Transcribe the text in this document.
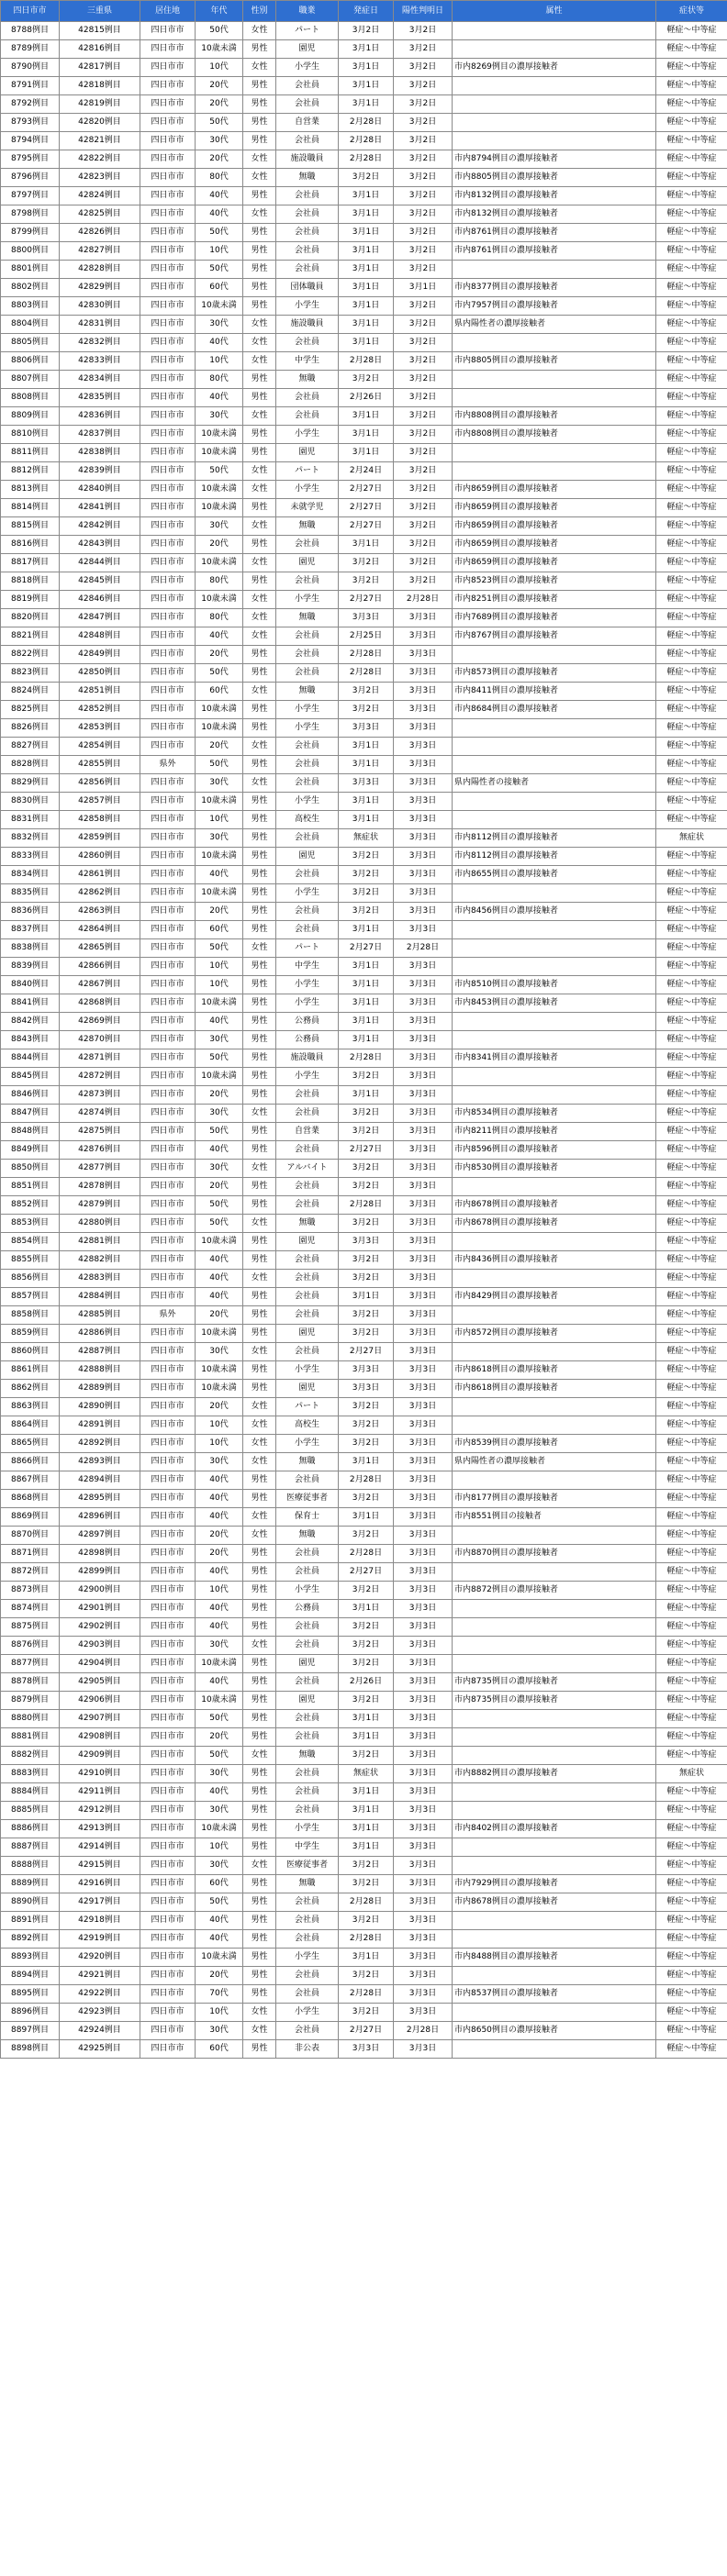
四日市市	三重県	居住地	年代	性別	職業	発症日	陽性判明日	属性	症状等
8788例目	42815例目	四日市市	50代	女性	パート	3月2日	3月2日		軽症～中等症
8789例目	42816例目	四日市市	10歳未満	男性	園児	3月1日	3月2日		軽症～中等症
8790例目	42817例目	四日市市	10代	女性	小学生	3月1日	3月2日	市内8269例目の濃厚接触者	軽症～中等症
8791例目	42818例目	四日市市	20代	男性	会社員	3月1日	3月2日		軽症～中等症
8792例目	42819例目	四日市市	20代	男性	会社員	3月1日	3月2日		軽症～中等症
8793例目	42820例目	四日市市	50代	男性	自営業	2月28日	3月2日		軽症～中等症
8794例目	42821例目	四日市市	30代	男性	会社員	2月28日	3月2日		軽症～中等症
8795例目	42822例目	四日市市	20代	女性	施設職員	2月28日	3月2日	市内8794例目の濃厚接触者	軽症～中等症
8796例目	42823例目	四日市市	80代	女性	無職	3月2日	3月2日	市内8805例目の濃厚接触者	軽症～中等症
8797例目	42824例目	四日市市	40代	男性	会社員	3月1日	3月2日	市内8132例目の濃厚接触者	軽症～中等症
8798例目	42825例目	四日市市	40代	女性	会社員	3月1日	3月2日	市内8132例目の濃厚接触者	軽症～中等症
8799例目	42826例目	四日市市	50代	男性	会社員	3月1日	3月2日	市内8761例目の濃厚接触者	軽症～中等症
8800例目	42827例目	四日市市	10代	男性	会社員	3月1日	3月2日	市内8761例目の濃厚接触者	軽症～中等症
8801例目	42828例目	四日市市	50代	男性	会社員	3月1日	3月2日		軽症～中等症
8802例目	42829例目	四日市市	60代	男性	団体職員	3月1日	3月1日	市内8377例目の濃厚接触者	軽症～中等症
8803例目	42830例目	四日市市	10歳未満	男性	小学生	3月1日	3月2日	市内7957例目の濃厚接触者	軽症～中等症
8804例目	42831例目	四日市市	30代	女性	施設職員	3月1日	3月2日	県内陽性者の濃厚接触者	軽症～中等症
8805例目	42832例目	四日市市	40代	女性	会社員	3月1日	3月2日		軽症～中等症
8806例目	42833例目	四日市市	10代	女性	中学生	2月28日	3月2日	市内8805例目の濃厚接触者	軽症～中等症
8807例目	42834例目	四日市市	80代	男性	無職	3月2日	3月2日		軽症～中等症
8808例目	42835例目	四日市市	40代	男性	会社員	2月26日	3月2日		軽症～中等症
8809例目	42836例目	四日市市	30代	女性	会社員	3月1日	3月2日	市内8808例目の濃厚接触者	軽症～中等症
8810例目	42837例目	四日市市	10歳未満	男性	小学生	3月1日	3月2日	市内8808例目の濃厚接触者	軽症～中等症
8811例目	42838例目	四日市市	10歳未満	男性	園児	3月1日	3月2日		軽症～中等症
8812例目	42839例目	四日市市	50代	女性	パート	2月24日	3月2日		軽症～中等症
8813例目	42840例目	四日市市	10歳未満	女性	小学生	2月27日	3月2日	市内8659例目の濃厚接触者	軽症～中等症
8814例目	42841例目	四日市市	10歳未満	男性	未就学児	2月27日	3月2日	市内8659例目の濃厚接触者	軽症～中等症
8815例目	42842例目	四日市市	30代	女性	無職	2月27日	3月2日	市内8659例目の濃厚接触者	軽症～中等症
8816例目	42843例目	四日市市	20代	男性	会社員	3月1日	3月2日	市内8659例目の濃厚接触者	軽症～中等症
8817例目	42844例目	四日市市	10歳未満	女性	園児	3月2日	3月2日	市内8659例目の濃厚接触者	軽症～中等症
8818例目	42845例目	四日市市	80代	男性	会社員	3月2日	3月2日	市内8523例目の濃厚接触者	軽症～中等症
8819例目	42846例目	四日市市	10歳未満	女性	小学生	2月27日	2月28日	市内8251例目の濃厚接触者	軽症～中等症
8820例目	42847例目	四日市市	80代	女性	無職	3月3日	3月3日	市内7689例目の濃厚接触者	軽症～中等症
8821例目	42848例目	四日市市	40代	女性	会社員	2月25日	3月3日	市内8767例目の濃厚接触者	軽症～中等症
8822例目	42849例目	四日市市	20代	男性	会社員	2月28日	3月3日		軽症～中等症
8823例目	42850例目	四日市市	50代	男性	会社員	2月28日	3月3日	市内8573例目の濃厚接触者	軽症～中等症
8824例目	42851例目	四日市市	60代	女性	無職	3月2日	3月3日	市内8411例目の濃厚接触者	軽症～中等症
8825例目	42852例目	四日市市	10歳未満	男性	小学生	3月2日	3月3日	市内8684例目の濃厚接触者	軽症～中等症
8826例目	42853例目	四日市市	10歳未満	男性	小学生	3月3日	3月3日		軽症～中等症
8827例目	42854例目	四日市市	20代	女性	会社員	3月1日	3月3日		軽症～中等症
8828例目	42855例目	県外	50代	男性	会社員	3月1日	3月3日		軽症～中等症
8829例目	42856例目	四日市市	30代	女性	会社員	3月3日	3月3日	県内陽性者の接触者	軽症～中等症
8830例目	42857例目	四日市市	10歳未満	男性	小学生	3月1日	3月3日		軽症～中等症
8831例目	42858例目	四日市市	10代	男性	高校生	3月1日	3月3日		軽症～中等症
8832例目	42859例目	四日市市	30代	男性	会社員	無症状	3月3日	市内8112例目の濃厚接触者	無症状
8833例目	42860例目	四日市市	10歳未満	男性	園児	3月2日	3月3日	市内8112例目の濃厚接触者	軽症～中等症
8834例目	42861例目	四日市市	40代	男性	会社員	3月2日	3月3日	市内8655例目の濃厚接触者	軽症～中等症
8835例目	42862例目	四日市市	10歳未満	男性	小学生	3月2日	3月3日		軽症～中等症
8836例目	42863例目	四日市市	20代	男性	会社員	3月2日	3月3日	市内8456例目の濃厚接触者	軽症～中等症
8837例目	42864例目	四日市市	60代	男性	会社員	3月1日	3月3日		軽症～中等症
8838例目	42865例目	四日市市	50代	女性	パート	2月27日	2月28日		軽症～中等症
8839例目	42866例目	四日市市	10代	男性	中学生	3月1日	3月3日		軽症～中等症
8840例目	42867例目	四日市市	10代	男性	小学生	3月1日	3月3日	市内8510例目の濃厚接触者	軽症～中等症
8841例目	42868例目	四日市市	10歳未満	男性	小学生	3月1日	3月3日	市内8453例目の濃厚接触者	軽症～中等症
8842例目	42869例目	四日市市	40代	男性	公務員	3月1日	3月3日		軽症～中等症
8843例目	42870例目	四日市市	30代	男性	公務員	3月1日	3月3日		軽症～中等症
8844例目	42871例目	四日市市	50代	男性	施設職員	2月28日	3月3日	市内8341例目の濃厚接触者	軽症～中等症
8845例目	42872例目	四日市市	10歳未満	男性	小学生	3月2日	3月3日		軽症～中等症
8846例目	42873例目	四日市市	20代	男性	会社員	3月1日	3月3日		軽症～中等症
8847例目	42874例目	四日市市	30代	女性	会社員	3月2日	3月3日	市内8534例目の濃厚接触者	軽症～中等症
8848例目	42875例目	四日市市	50代	男性	自営業	3月2日	3月3日	市内8211例目の濃厚接触者	軽症～中等症
8849例目	42876例目	四日市市	40代	男性	会社員	2月27日	3月3日	市内8596例目の濃厚接触者	軽症～中等症
8850例目	42877例目	四日市市	30代	女性	アルバイト	3月2日	3月3日	市内8530例目の濃厚接触者	軽症～中等症
8851例目	42878例目	四日市市	20代	男性	会社員	3月2日	3月3日		軽症～中等症
8852例目	42879例目	四日市市	50代	男性	会社員	2月28日	3月3日	市内8678例目の濃厚接触者	軽症～中等症
8853例目	42880例目	四日市市	50代	女性	無職	3月2日	3月3日	市内8678例目の濃厚接触者	軽症～中等症
8854例目	42881例目	四日市市	10歳未満	男性	園児	3月3日	3月3日		軽症～中等症
8855例目	42882例目	四日市市	40代	男性	会社員	3月2日	3月3日	市内8436例目の濃厚接触者	軽症～中等症
8856例目	42883例目	四日市市	40代	女性	会社員	3月2日	3月3日		軽症～中等症
8857例目	42884例目	四日市市	40代	男性	会社員	3月1日	3月3日	市内8429例目の濃厚接触者	軽症～中等症
8858例目	42885例目	県外	20代	男性	会社員	3月2日	3月3日		軽症～中等症
8859例目	42886例目	四日市市	10歳未満	男性	園児	3月2日	3月3日	市内8572例目の濃厚接触者	軽症～中等症
8860例目	42887例目	四日市市	30代	女性	会社員	2月27日	3月3日		軽症～中等症
8861例目	42888例目	四日市市	10歳未満	男性	小学生	3月3日	3月3日	市内8618例目の濃厚接触者	軽症～中等症
8862例目	42889例目	四日市市	10歳未満	男性	園児	3月3日	3月3日	市内8618例目の濃厚接触者	軽症～中等症
8863例目	42890例目	四日市市	20代	女性	パート	3月2日	3月3日		軽症～中等症
8864例目	42891例目	四日市市	10代	女性	高校生	3月2日	3月3日		軽症～中等症
8865例目	42892例目	四日市市	10代	女性	小学生	3月2日	3月3日	市内8539例目の濃厚接触者	軽症～中等症
8866例目	42893例目	四日市市	30代	女性	無職	3月1日	3月3日	県内陽性者の濃厚接触者	軽症～中等症
8867例目	42894例目	四日市市	40代	男性	会社員	2月28日	3月3日		軽症～中等症
8868例目	42895例目	四日市市	40代	男性	医療従事者	3月2日	3月3日	市内8177例目の濃厚接触者	軽症～中等症
8869例目	42896例目	四日市市	40代	女性	保育士	3月1日	3月3日	市内8551例目の接触者	軽症～中等症
8870例目	42897例目	四日市市	20代	女性	無職	3月2日	3月3日		軽症～中等症
8871例目	42898例目	四日市市	20代	男性	会社員	2月28日	3月3日	市内8870例目の濃厚接触者	軽症～中等症
8872例目	42899例目	四日市市	40代	男性	会社員	2月27日	3月3日		軽症～中等症
8873例目	42900例目	四日市市	10代	男性	小学生	3月2日	3月3日	市内8872例目の濃厚接触者	軽症～中等症
8874例目	42901例目	四日市市	40代	男性	公務員	3月1日	3月3日		軽症～中等症
8875例目	42902例目	四日市市	40代	男性	会社員	3月2日	3月3日		軽症～中等症
8876例目	42903例目	四日市市	30代	女性	会社員	3月2日	3月3日		軽症～中等症
8877例目	42904例目	四日市市	10歳未満	男性	園児	3月2日	3月3日		軽症～中等症
8878例目	42905例目	四日市市	40代	男性	会社員	2月26日	3月3日	市内8735例目の濃厚接触者	軽症～中等症
8879例目	42906例目	四日市市	10歳未満	男性	園児	3月2日	3月3日	市内8735例目の濃厚接触者	軽症～中等症
8880例目	42907例目	四日市市	50代	男性	会社員	3月1日	3月3日		軽症～中等症
8881例目	42908例目	四日市市	20代	男性	会社員	3月1日	3月3日		軽症～中等症
8882例目	42909例目	四日市市	50代	女性	無職	3月2日	3月3日		軽症～中等症
8883例目	42910例目	四日市市	30代	男性	会社員	無症状	3月3日	市内8882例目の濃厚接触者	無症状
8884例目	42911例目	四日市市	40代	男性	会社員	3月1日	3月3日		軽症～中等症
8885例目	42912例目	四日市市	30代	男性	会社員	3月1日	3月3日		軽症～中等症
8886例目	42913例目	四日市市	10歳未満	男性	小学生	3月1日	3月3日	市内8402例目の濃厚接触者	軽症～中等症
8887例目	42914例目	四日市市	10代	男性	中学生	3月1日	3月3日		軽症～中等症
8888例目	42915例目	四日市市	30代	女性	医療従事者	3月2日	3月3日		軽症～中等症
8889例目	42916例目	四日市市	60代	男性	無職	3月2日	3月3日	市内7929例目の濃厚接触者	軽症～中等症
8890例目	42917例目	四日市市	50代	男性	会社員	2月28日	3月3日	市内8678例目の濃厚接触者	軽症～中等症
8891例目	42918例目	四日市市	40代	男性	会社員	3月2日	3月3日		軽症～中等症
8892例目	42919例目	四日市市	40代	男性	会社員	2月28日	3月3日		軽症～中等症
8893例目	42920例目	四日市市	10歳未満	男性	小学生	3月1日	3月3日	市内8488例目の濃厚接触者	軽症～中等症
8894例目	42921例目	四日市市	20代	男性	会社員	3月2日	3月3日		軽症～中等症
8895例目	42922例目	四日市市	70代	男性	会社員	2月28日	3月3日	市内8537例目の濃厚接触者	軽症～中等症
8896例目	42923例目	四日市市	10代	女性	小学生	3月2日	3月3日		軽症～中等症
8897例目	42924例目	四日市市	30代	女性	会社員	2月27日	2月28日	市内8650例目の濃厚接触者	軽症～中等症
8898例目	42925例目	四日市市	60代	男性	非公表	3月3日	3月3日		軽症～中等症
